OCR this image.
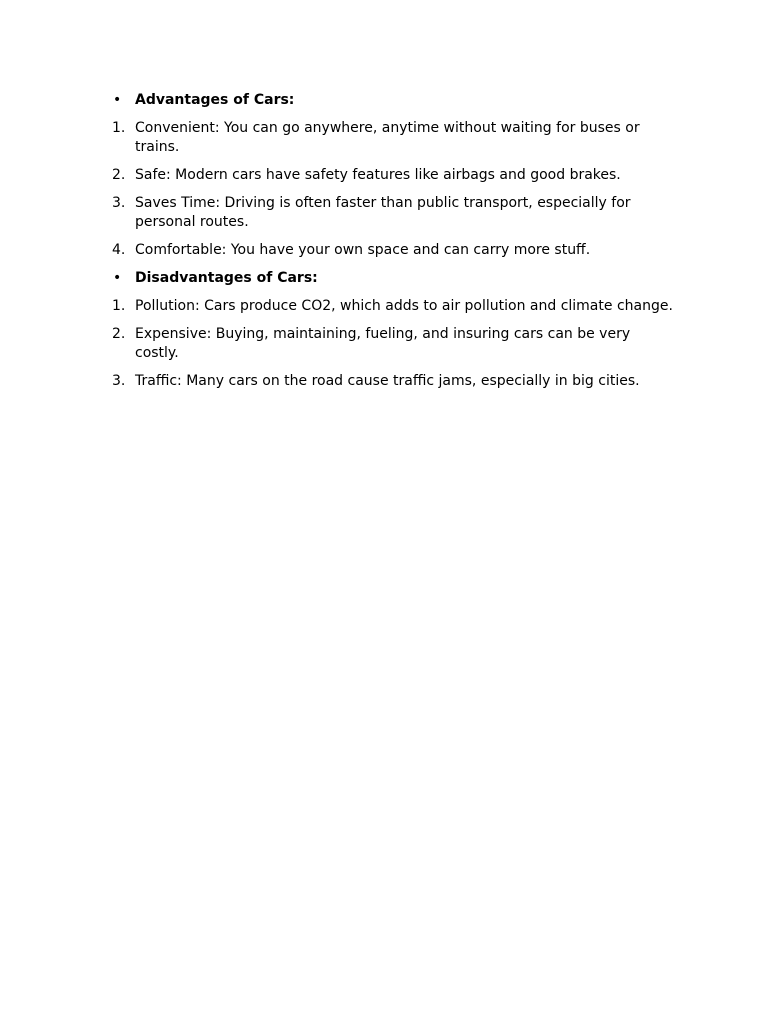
• Advantages of Cars:
1. Convenient: You can go anywhere, anytime without waiting for buses or trains.
2. Safe: Modern cars have safety features like airbags and good brakes.
3. Saves Time: Driving is often faster than public transport, especially for personal routes.
4. Comfortable: You have your own space and can carry more stuff.
• Disadvantages of Cars:
1. Pollution: Cars produce CO2, which adds to air pollution and climate change.
2. Expensive: Buying, maintaining, fueling, and insuring cars can be very costly.
3. Traffic: Many cars on the road cause traffic jams, especially in big cities.
